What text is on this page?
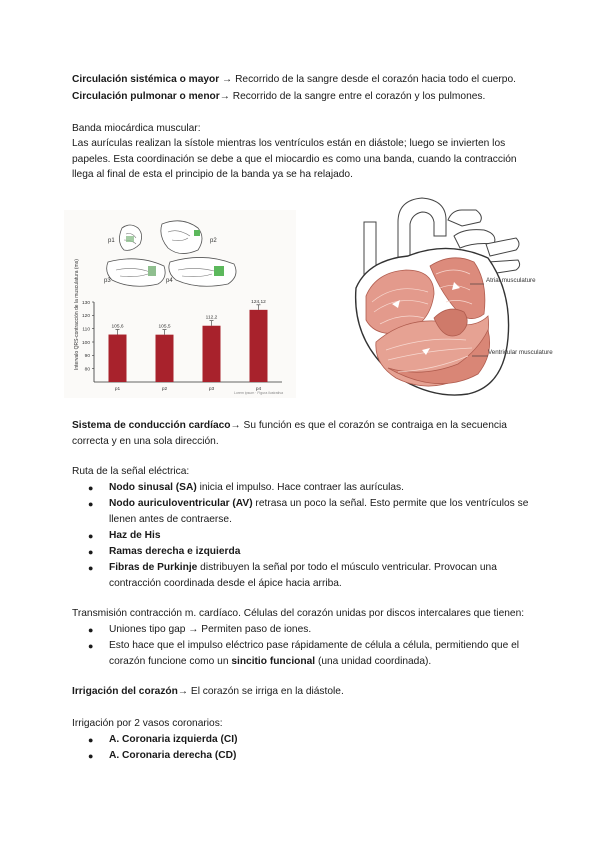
Circulación sistémica o mayor → Recorrido de la sangre desde el corazón hacia todo el cuerpo.
Circulación pulmonar o menor→ Recorrido de la sangre entre el corazón y los pulmones.
Banda miocárdica muscular:
Las aurículas realizan la sístole mientras los ventrículos están en diástole; luego se invierten los papeles. Esta coordinación se debe a que el miocardio es como una banda, cuando la contracción llega al final de esta el principio de la banda ya se ha relajado.
p1	p2
p3	p4
130
120
110
100
90
80
Intervalo QRS-contracción de la musculatura (ms)	105,6	105,5
112,2
124,12
p1	p2	p3	p4
Lorem ipsum · Figura ilustrativa
Atrial musculature
Ventricular musculature
Sistema de conducción cardíaco→ Su función es que el corazón se contraiga en la secuencia correcta y en una sola dirección.
Ruta de la señal eléctrica:
●	Nodo sinusal (SA) inicia el impulso. Hace contraer las aurículas.
●	Nodo auriculoventricular (AV) retrasa un poco la señal. Esto permite que los ventrículos se llenen antes de contraerse.
●	Haz de His
●	Ramas derecha e izquierda
●	Fibras de Purkinje distribuyen la señal por todo el músculo ventricular. Provocan una contracción coordinada desde el ápice hacia arriba.
Transmisión contracción m. cardíaco. Células del corazón unidas por discos intercalares que tienen:
●	Uniones tipo gap → Permiten paso de iones.
●	Esto hace que el impulso eléctrico pase rápidamente de célula a célula, permitiendo que el corazón funcione como un sincitio funcional (una unidad coordinada).
Irrigación del corazón→ El corazón se irriga en la diástole.
Irrigación por 2 vasos coronarios:
●	A. Coronaria izquierda (CI)
●	A. Coronaria derecha (CD)
